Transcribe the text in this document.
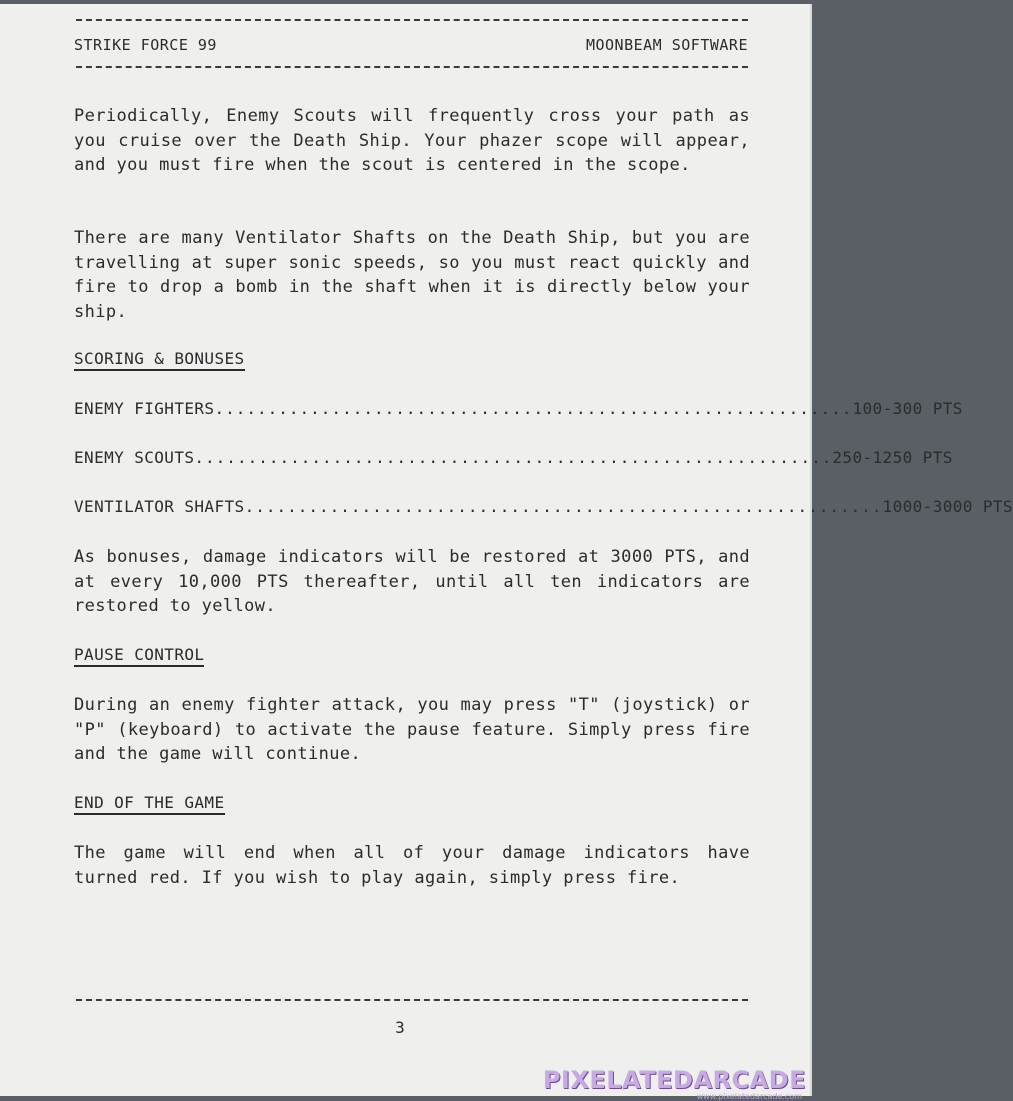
STRIKE FORCE 99	MOONBEAM SOFTWARE

Periodically, Enemy Scouts will frequently cross your path as you cruise over the Death Ship. Your phazer scope will appear, and you must fire when the scout is centered in the scope.

There are many Ventilator Shafts on the Death Ship, but you are travelling at super sonic speeds, so you must react quickly and fire to drop a bomb in the shaft when it is directly below your ship.

SCORING & BONUSES
ENEMY FIGHTERS ............................................................ 100-300 PTS
ENEMY SCOUTS ............................................................ 250-1250 PTS
VENTILATOR SHAFTS ............................................................ 1000-3000 PTS

As bonuses, damage indicators will be restored at 3000 PTS, and at every 10,000 PTS thereafter, until all ten indicators are restored to yellow.

PAUSE CONTROL

During an enemy fighter attack, you may press "T" (joystick) or "P" (keyboard) to activate the pause feature. Simply press fire and the game will continue.

END OF THE GAME

The game will end when all of your damage indicators have turned red. If you wish to play again, simply press fire.

3
PIXELATEDARCADE
www.pixelatedarcade.com
